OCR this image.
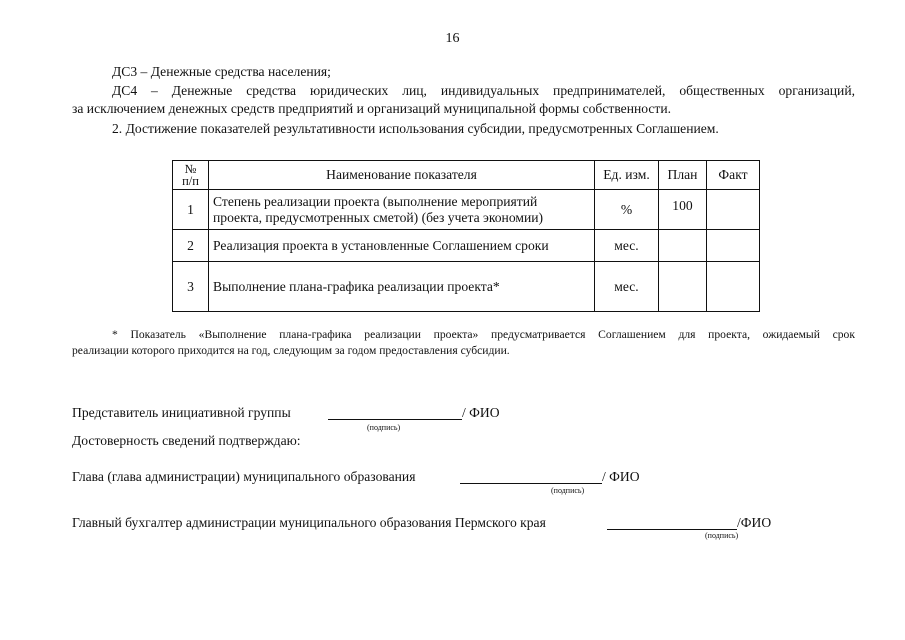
16
ДС3 – Денежные средства населения;
ДС4 – Денежные средства юридических лиц, индивидуальных предпринимателей, общественных организаций,
за исключением денежных средств предприятий и организаций муниципальной формы собственности.
2. Достижение показателей результативности использования субсидии, предусмотренных Соглашением.
№
п/п	Наименование показателя	Ед. изм.	План	Факт
1	Степень реализации проекта (выполнение мероприятий
проекта, предусмотренных сметой) (без учета экономии)	%	100	
2	Реализация проекта в установленные Соглашением сроки	мес.		
3	Выполнение плана-графика реализации проекта*	мес.		
* Показатель «Выполнение плана-графика реализации проекта» предусматривается Соглашением для проекта, ожидаемый срок
реализации которого приходится на год, следующим за годом предоставления субсидии.
Представитель инициативной группы	/ ФИО
(подпись)
Достоверность сведений подтверждаю:
Глава (глава администрации) муниципального образования	/ ФИО
(подпись)
Главный бухгалтер администрации муниципального образования Пермского края	/ФИО
(подпись)
